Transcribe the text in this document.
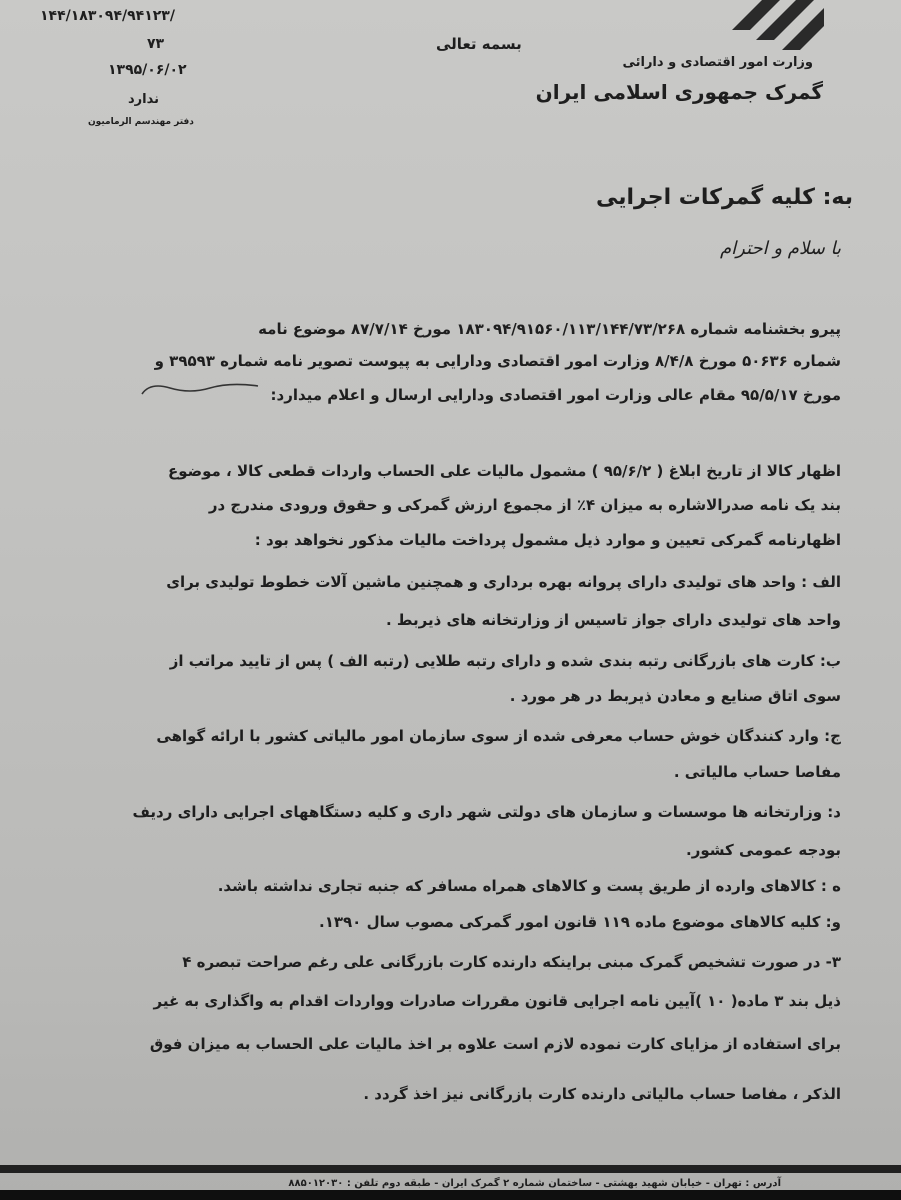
وزارت امور اقتصادی و دارائی
گمرک جمهوری اسلامی ایران
بسمه تعالی
۱۴۴/۱۸۳۰۹۴/۹۴۱۲۳/
۷۳
۱۳۹۵/۰۶/۰۲
ندارد
دفتر مهندسم الرمامیون
به: کلیه گمرکات اجرایی
با سلام و احترام
پیرو بخشنامه شماره ۱۸۳۰۹۴/۹۱۵۶۰/۱۱۳/۱۴۴/۷۳/۲۶۸ مورخ ۸۷/۷/۱۴ موضوع نامه
شماره ۵۰۶۳۶ مورخ ۸/۴/۸ وزارت امور اقتصادی ودارایی به پیوست تصویر نامه شماره ۳۹۵۹۳ و
مورخ ۹۵/۵/۱۷ مقام عالی وزارت امور اقتصادی ودارایی ارسال و اعلام میدارد:
اظهار کالا از تاریخ ابلاغ ( ۹۵/۶/۲ ) مشمول مالیات علی الحساب واردات قطعی کالا ، موضوع
بند یک نامه صدرالاشاره به میزان ۴٪ از مجموع ارزش گمرکی و حقوق ورودی مندرج در
اظهارنامه گمرکی تعیین و موارد ذیل مشمول پرداخت مالیات مذکور نخواهد بود :
الف : واحد های تولیدی دارای پروانه بهره برداری و همچنین ماشین آلات خطوط تولیدی برای
واحد های تولیدی دارای جواز تاسیس از وزارتخانه های ذیربط .
ب: کارت های بازرگانی رتبه بندی شده و دارای رتبه طلایی (رتبه الف ) پس از تایید مراتب از
سوی اتاق صنایع و معادن ذیربط در هر مورد .
ج: وارد کنندگان خوش حساب معرفی شده از سوی سازمان امور مالیاتی کشور با ارائه گواهی
مفاصا حساب مالیاتی .
د: وزارتخانه ها موسسات و سازمان های دولتی شهر داری و کلیه دستگاههای اجرایی دارای ردیف
بودجه عمومی کشور.
ه : کالاهای وارده از طریق پست و کالاهای همراه مسافر که جنبه تجاری نداشته باشد.
و: کلیه کالاهای موضوع ماده ۱۱۹ قانون امور گمرکی مصوب سال ۱۳۹۰.
۳- در صورت تشخیص گمرک مبنی براینکه دارنده کارت بازرگانی علی رغم صراحت تبصره ۴
ذیل بند ۳ ماده( ۱۰ )آیین نامه اجرایی قانون مقررات صادرات وواردات اقدام به واگذاری به غیر
برای استفاده از مزایای کارت نموده لازم است علاوه بر اخذ مالیات علی الحساب به میزان فوق
الذکر ، مفاصا حساب مالیاتی دارنده کارت بازرگانی نیز اخذ گردد .
آدرس : تهران - خیابان شهید بهشتی - ساختمان شماره ۲ گمرک ایران - طبقه دوم تلفن : ۸۸۵۰۱۲۰۳۰
